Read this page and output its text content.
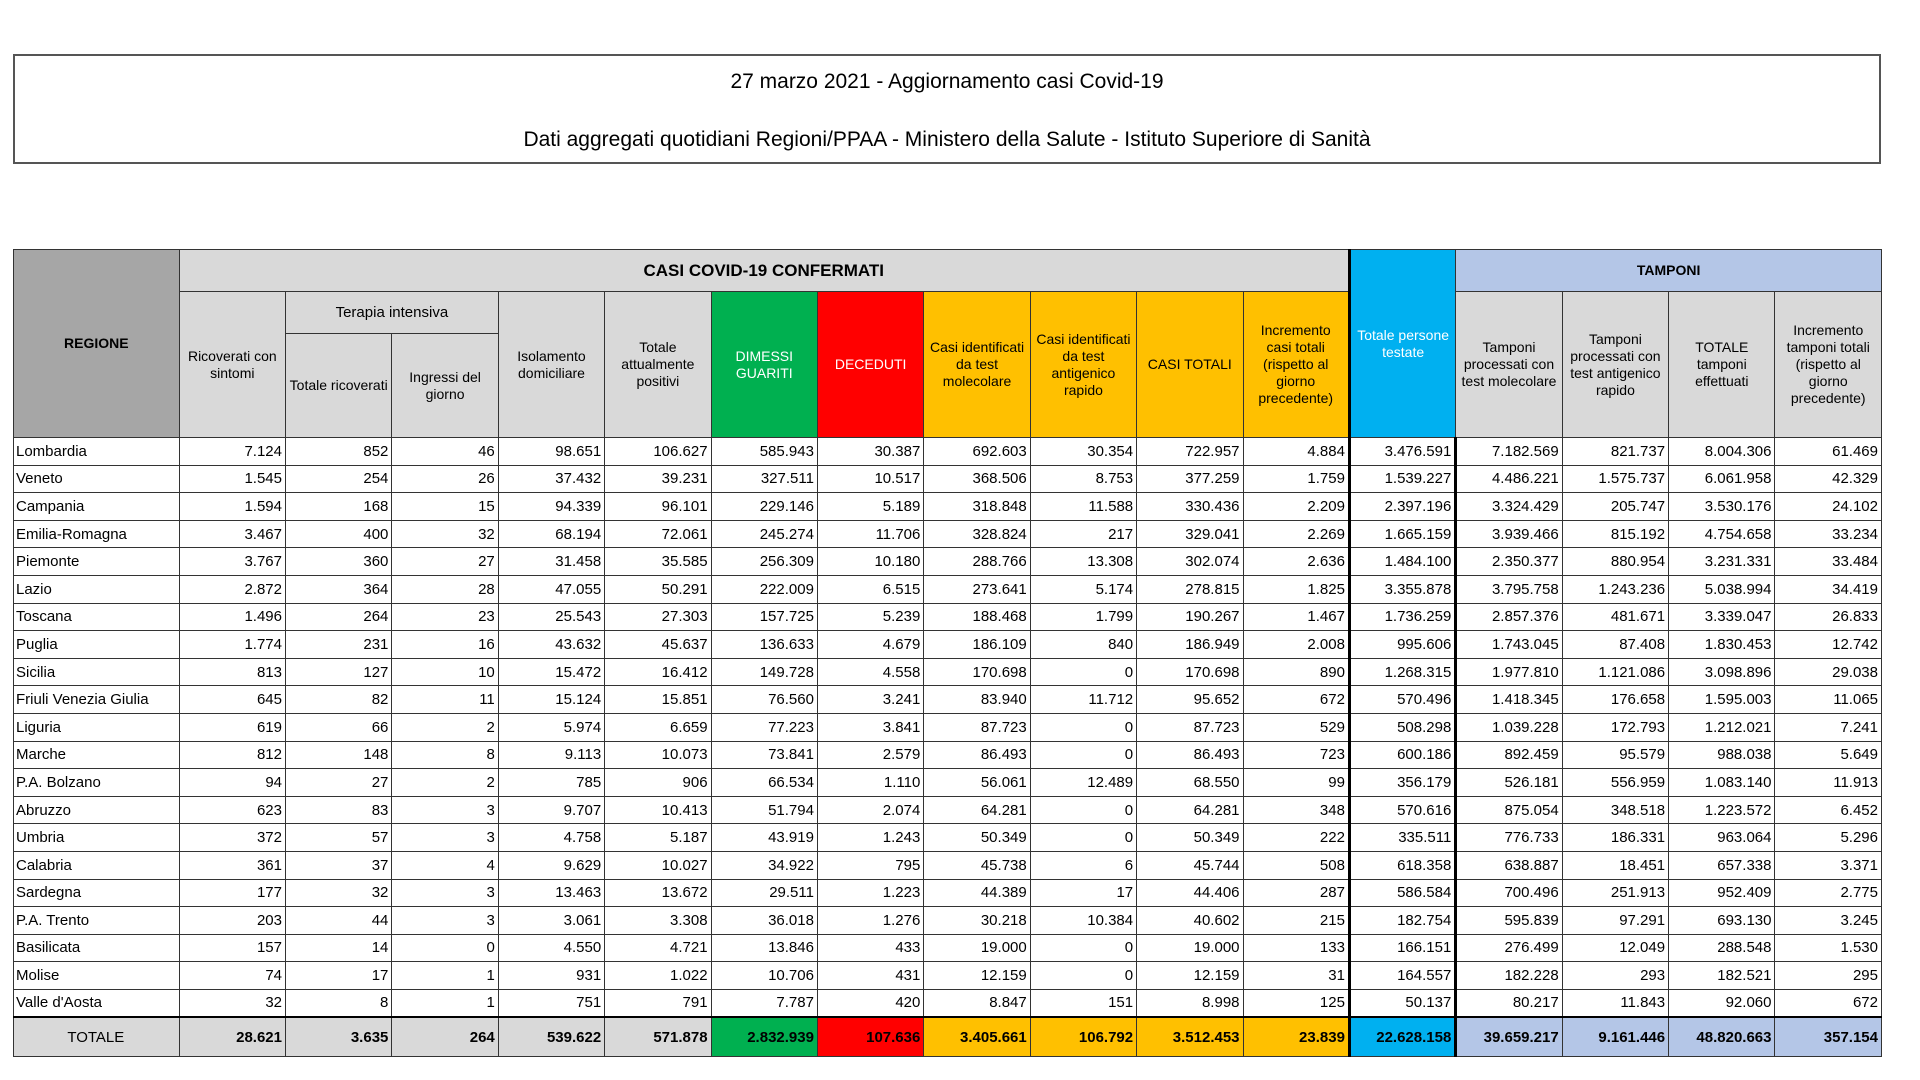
27 marzo 2021 - Aggiornamento casi Covid-19
Dati aggregati quotidiani Regioni/PPAA - Ministero della Salute - Istituto Superiore di Sanità
REGIONE	CASI COVID-19 CONFERMATI											Totale persone testate	TAMPONI			
	Ricoverati con sintomi	Terapia intensiva		Isolamento domiciliare	Totale attualmente positivi	DIMESSI GUARITI	DECEDUTI	Casi identificati da test molecolare	Casi identificati da test antigenico rapido	CASI TOTALI	Incremento casi totali (rispetto al giorno precedente)		Tamponi processati con test molecolare	Tamponi processati con test antigenico rapido	TOTALE tamponi effettuati	Incremento tamponi totali (rispetto al giorno precedente)
		Totale ricoverati	Ingressi del giorno													
Lombardia	7.124	852	46	98.651	106.627	585.943	30.387	692.603	30.354	722.957	4.884	3.476.591	7.182.569	821.737	8.004.306	61.469
Veneto	1.545	254	26	37.432	39.231	327.511	10.517	368.506	8.753	377.259	1.759	1.539.227	4.486.221	1.575.737	6.061.958	42.329
Campania	1.594	168	15	94.339	96.101	229.146	5.189	318.848	11.588	330.436	2.209	2.397.196	3.324.429	205.747	3.530.176	24.102
Emilia-Romagna	3.467	400	32	68.194	72.061	245.274	11.706	328.824	217	329.041	2.269	1.665.159	3.939.466	815.192	4.754.658	33.234
Piemonte	3.767	360	27	31.458	35.585	256.309	10.180	288.766	13.308	302.074	2.636	1.484.100	2.350.377	880.954	3.231.331	33.484
Lazio	2.872	364	28	47.055	50.291	222.009	6.515	273.641	5.174	278.815	1.825	3.355.878	3.795.758	1.243.236	5.038.994	34.419
Toscana	1.496	264	23	25.543	27.303	157.725	5.239	188.468	1.799	190.267	1.467	1.736.259	2.857.376	481.671	3.339.047	26.833
Puglia	1.774	231	16	43.632	45.637	136.633	4.679	186.109	840	186.949	2.008	995.606	1.743.045	87.408	1.830.453	12.742
Sicilia	813	127	10	15.472	16.412	149.728	4.558	170.698	0	170.698	890	1.268.315	1.977.810	1.121.086	3.098.896	29.038
Friuli Venezia Giulia	645	82	11	15.124	15.851	76.560	3.241	83.940	11.712	95.652	672	570.496	1.418.345	176.658	1.595.003	11.065
Liguria	619	66	2	5.974	6.659	77.223	3.841	87.723	0	87.723	529	508.298	1.039.228	172.793	1.212.021	7.241
Marche	812	148	8	9.113	10.073	73.841	2.579	86.493	0	86.493	723	600.186	892.459	95.579	988.038	5.649
P.A. Bolzano	94	27	2	785	906	66.534	1.110	56.061	12.489	68.550	99	356.179	526.181	556.959	1.083.140	11.913
Abruzzo	623	83	3	9.707	10.413	51.794	2.074	64.281	0	64.281	348	570.616	875.054	348.518	1.223.572	6.452
Umbria	372	57	3	4.758	5.187	43.919	1.243	50.349	0	50.349	222	335.511	776.733	186.331	963.064	5.296
Calabria	361	37	4	9.629	10.027	34.922	795	45.738	6	45.744	508	618.358	638.887	18.451	657.338	3.371
Sardegna	177	32	3	13.463	13.672	29.511	1.223	44.389	17	44.406	287	586.584	700.496	251.913	952.409	2.775
P.A. Trento	203	44	3	3.061	3.308	36.018	1.276	30.218	10.384	40.602	215	182.754	595.839	97.291	693.130	3.245
Basilicata	157	14	0	4.550	4.721	13.846	433	19.000	0	19.000	133	166.151	276.499	12.049	288.548	1.530
Molise	74	17	1	931	1.022	10.706	431	12.159	0	12.159	31	164.557	182.228	293	182.521	295
Valle d'Aosta	32	8	1	751	791	7.787	420	8.847	151	8.998	125	50.137	80.217	11.843	92.060	672
TOTALE	28.621	3.635	264	539.622	571.878	2.832.939	107.636	3.405.661	106.792	3.512.453	23.839	22.628.158	39.659.217	9.161.446	48.820.663	357.154
